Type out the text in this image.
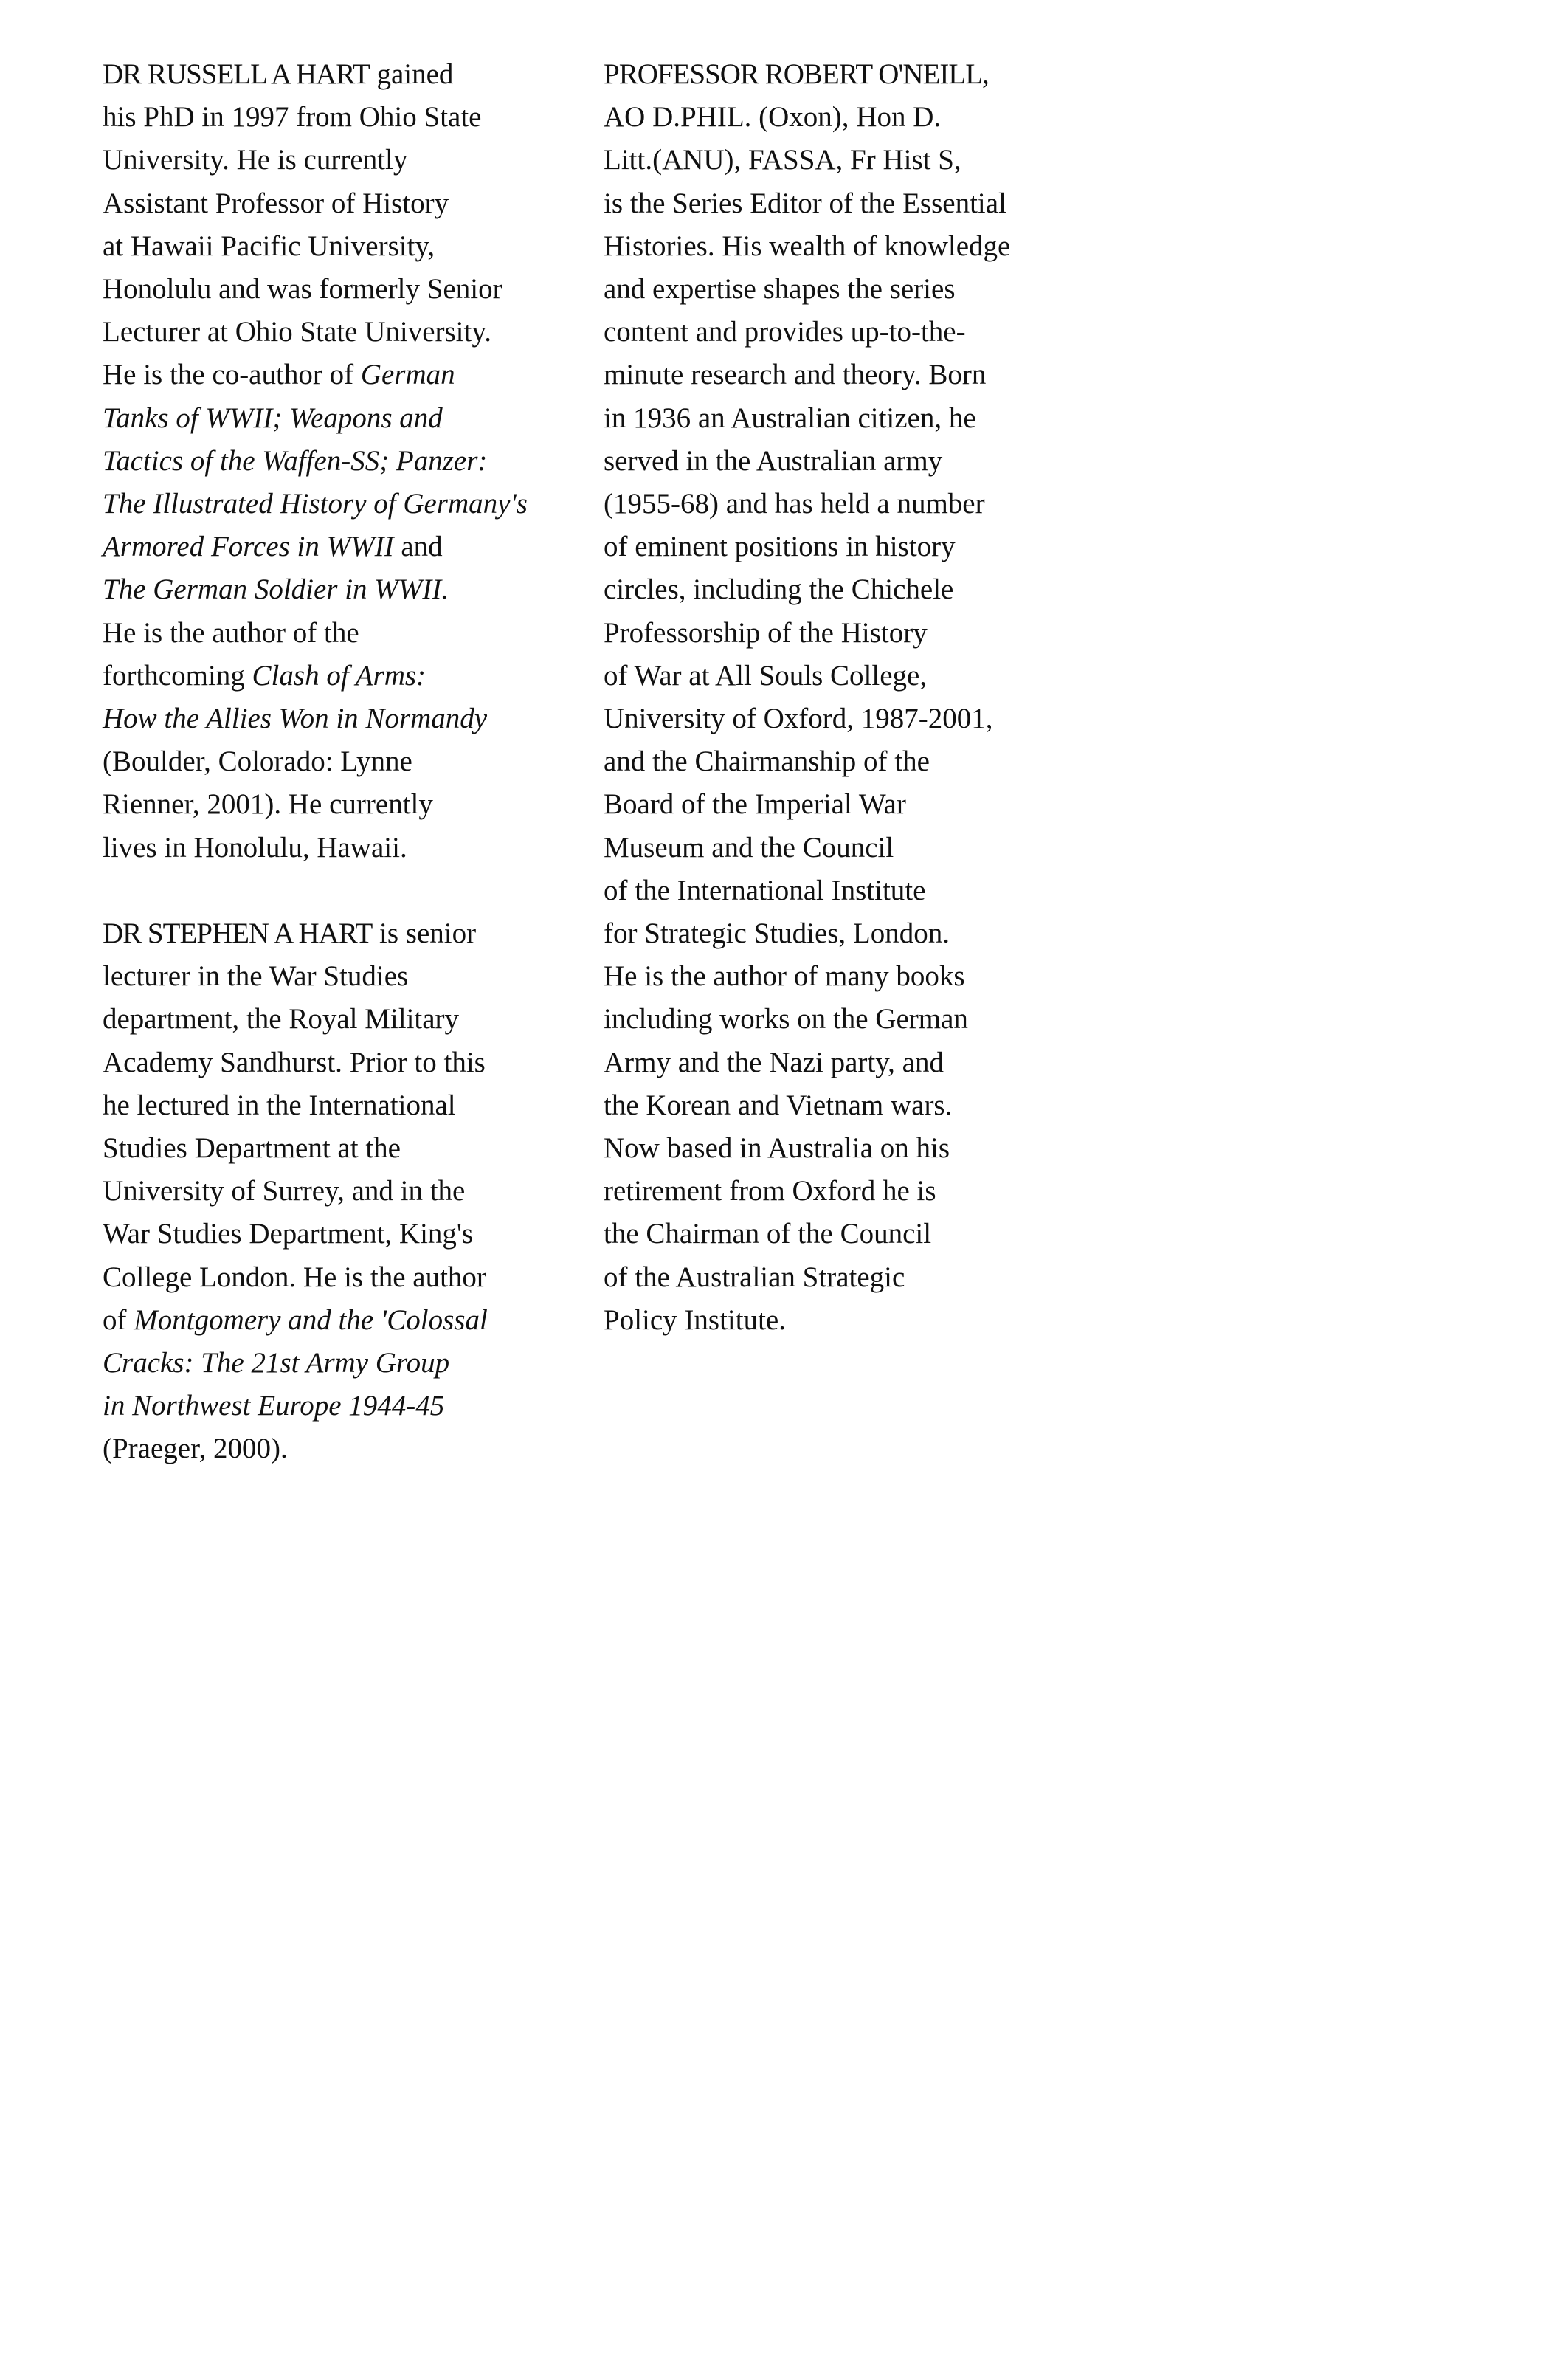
DR RUSSELL A HART gained
his PhD in 1997 from Ohio State
University. He is currently
Assistant Professor of History
at Hawaii Pacific University,
Honolulu and was formerly Senior
Lecturer at Ohio State University.
He is the co-author of German
Tanks of WWII; Weapons and
Tactics of the Waffen-SS; Panzer:
The Illustrated History of Germany's
Armored Forces in WWII and
The German Soldier in WWII.
He is the author of the
forthcoming Clash of Arms:
How the Allies Won in Normandy
(Boulder, Colorado: Lynne
Rienner, 2001). He currently
lives in Honolulu, Hawaii.
DR STEPHEN A HART is senior
lecturer in the War Studies
department, the Royal Military
Academy Sandhurst. Prior to this
he lectured in the International
Studies Department at the
University of Surrey, and in the
War Studies Department, King's
College London. He is the author
of Montgomery and the 'Colossal
Cracks: The 21st Army Group
in Northwest Europe 1944-45
(Praeger, 2000).
PROFESSOR ROBERT O'NEILL,
AO D.PHIL. (Oxon), Hon D.
Litt.(ANU), FASSA, Fr Hist S,
is the Series Editor of the Essential
Histories. His wealth of knowledge
and expertise shapes the series
content and provides up-to-the-
minute research and theory. Born
in 1936 an Australian citizen, he
served in the Australian army
(1955-68) and has held a number
of eminent positions in history
circles, including the Chichele
Professorship of the History
of War at All Souls College,
University of Oxford, 1987-2001,
and the Chairmanship of the
Board of the Imperial War
Museum and the Council
of the International Institute
for Strategic Studies, London.
He is the author of many books
including works on the German
Army and the Nazi party, and
the Korean and Vietnam wars.
Now based in Australia on his
retirement from Oxford he is
the Chairman of the Council
of the Australian Strategic
Policy Institute.
